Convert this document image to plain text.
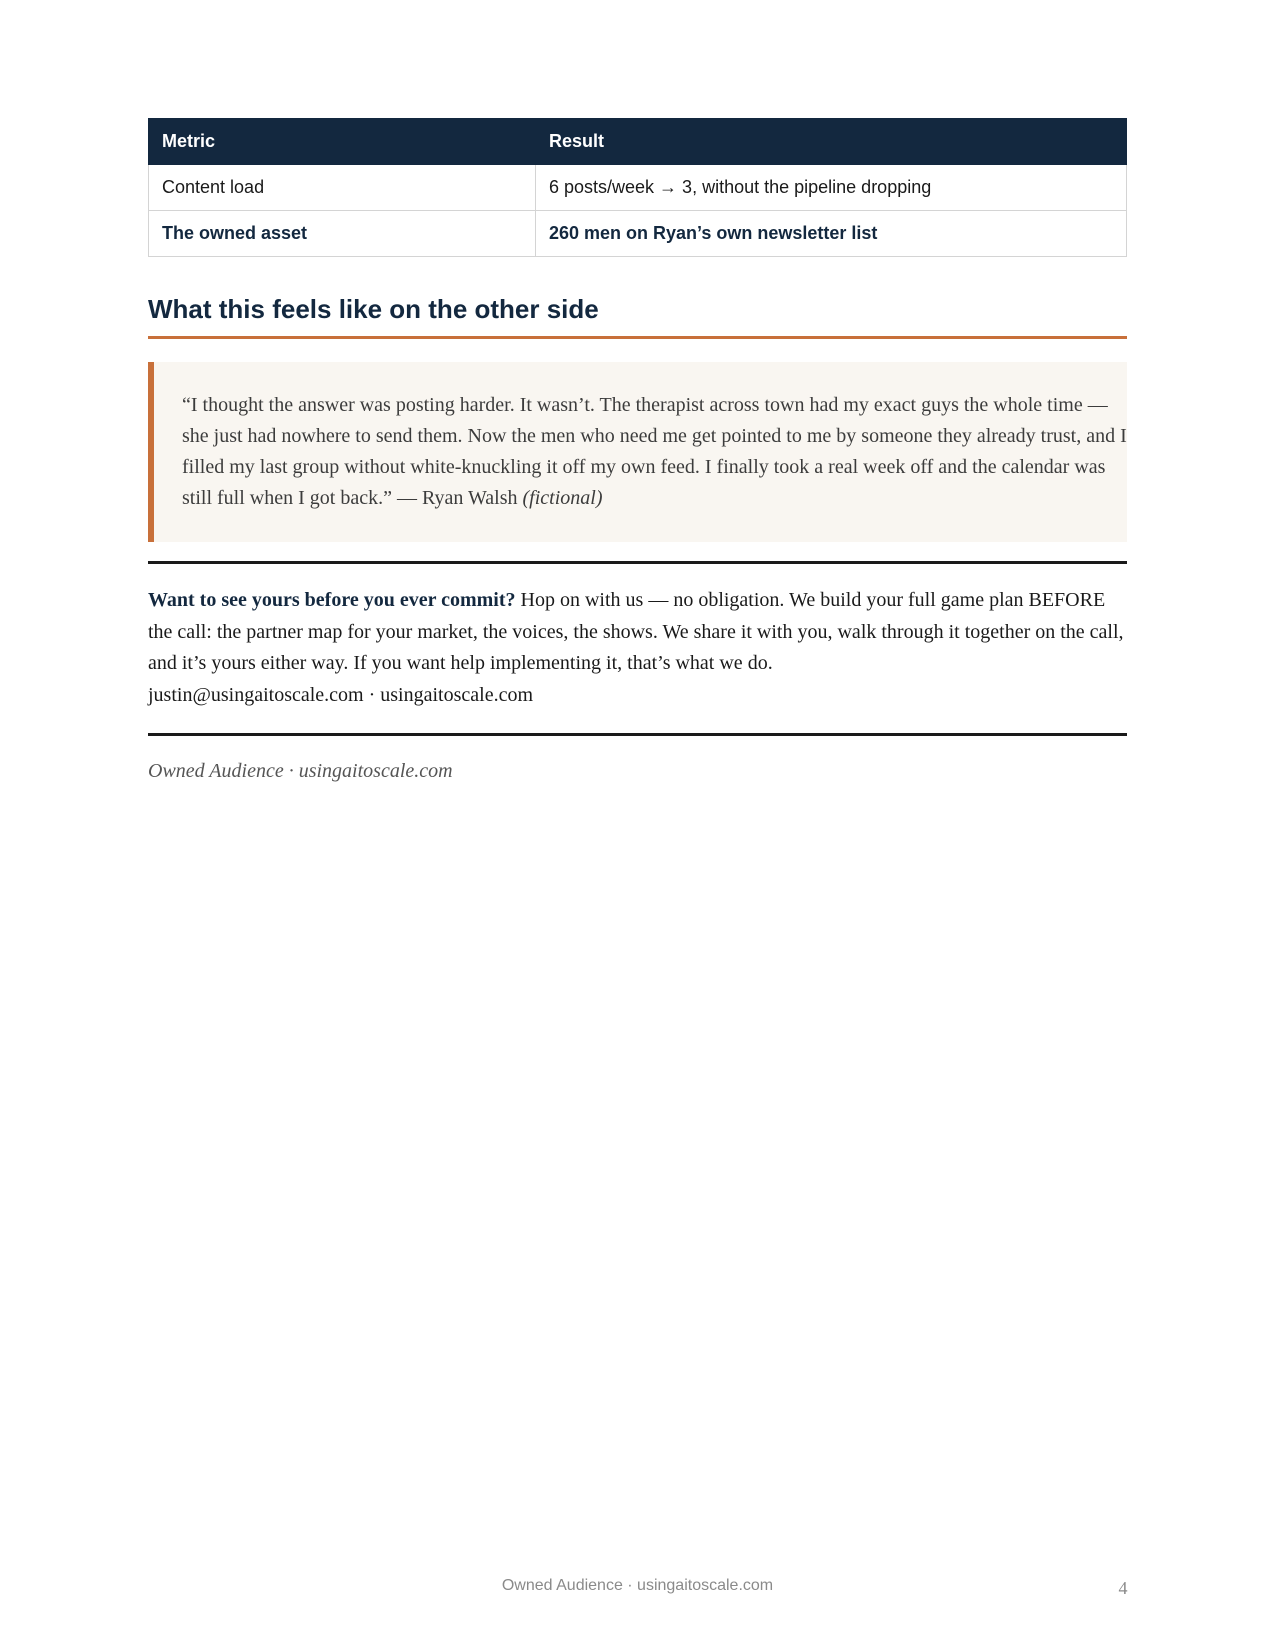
Metric	Result
Content load	6 posts/week → 3, without the pipeline dropping
The owned asset	260 men on Ryan’s own newsletter list
What this feels like on the other side
“I thought the answer was posting harder. It wasn’t. The therapist across town had my exact guys the whole time — she just had nowhere to send them. Now the men who need me get pointed to me by someone they already trust, and I filled my last group without white-knuckling it off my own feed. I finally took a real week off and the calendar was still full when I got back.” — Ryan Walsh (fictional)
Want to see yours before you ever commit? Hop on with us — no obligation. We build your full game plan BEFORE the call: the partner map for your market, the voices, the shows. We share it with you, walk through it together on the call, and it’s yours either way. If you want help implementing it, that’s what we do.
justin@usingaitoscale.com · usingaitoscale.com
Owned Audience · usingaitoscale.com
Owned Audience · usingaitoscale.com	4
